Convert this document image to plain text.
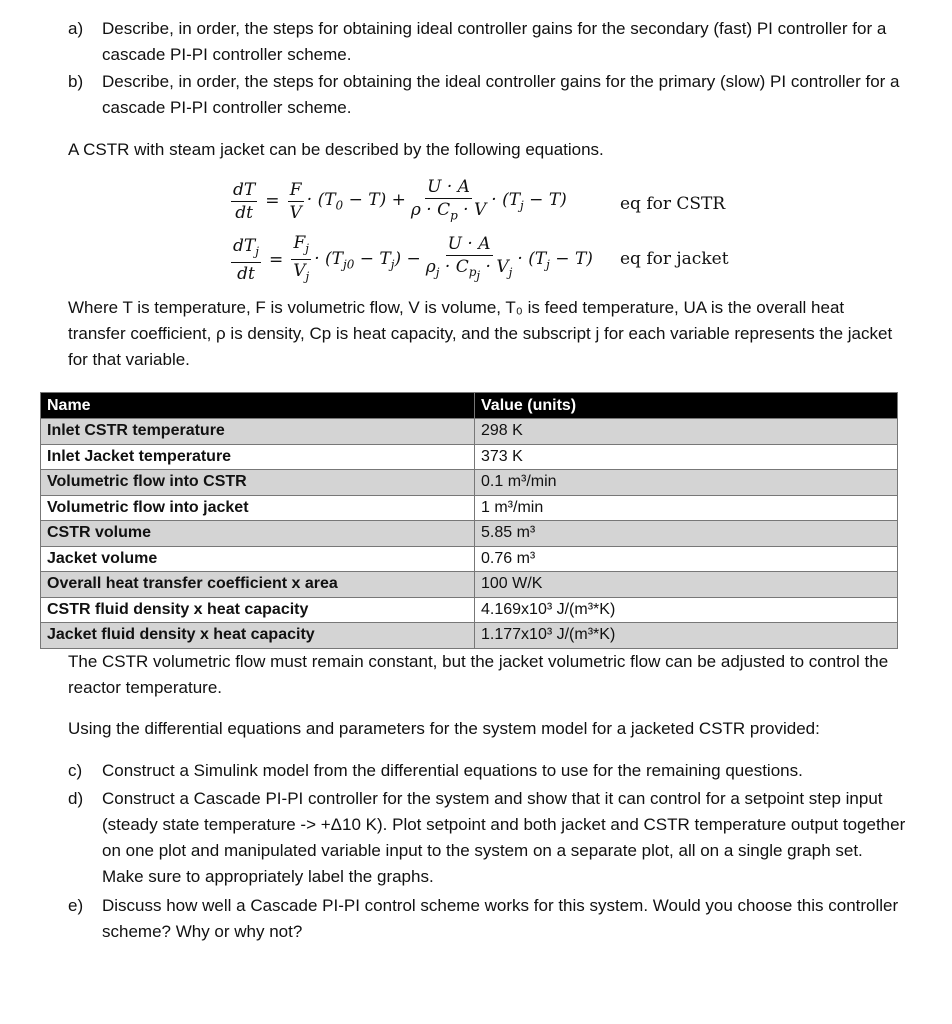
a) Describe, in order, the steps for obtaining ideal controller gains for the secondary (fast) PI controller for a cascade PI-PI controller scheme.
b) Describe, in order, the steps for obtaining the ideal controller gains for the primary (slow) PI controller for a cascade PI-PI controller scheme.
A CSTR with steam jacket can be described by the following equations.
$\frac{dT}{dt} = \frac{F}{V} \cdot (T_0 - T) + \frac{U \cdot A}{\rho \cdot C_p \cdot V} \cdot (T_j - T)$	eq for CSTR
$\frac{dT_j}{dt} = \frac{F_j}{V_j} \cdot (T_{j0} - T_j) - \frac{U \cdot A}{\rho_j \cdot C_{p_j} \cdot V_j} \cdot (T_j - T)$ eq for jacket
Where T is temperature, F is volumetric flow, V is volume, T₀ is feed temperature, UA is the overall heat transfer coefficient, ρ is density, Cp is heat capacity, and the subscript j for each variable represents the jacket for that variable.
Name	Value (units)
Inlet CSTR temperature	298 K
Inlet Jacket temperature	373 K
Volumetric flow into CSTR	0.1 m³/min
Volumetric flow into jacket	1 m³/min
CSTR volume	5.85 m³
Jacket volume	0.76 m³
Overall heat transfer coefficient x area	100 W/K
CSTR fluid density x heat capacity	4.169x10³ J/(m³*K)
Jacket fluid density x heat capacity	1.177x10³ J/(m³*K)
The CSTR volumetric flow must remain constant, but the jacket volumetric flow can be adjusted to control the reactor temperature.
Using the differential equations and parameters for the system model for a jacketed CSTR provided:
c) Construct a Simulink model from the differential equations to use for the remaining questions.
d) Construct a Cascade PI-PI controller for the system and show that it can control for a setpoint step input (steady state temperature -> +Δ10 K). Plot setpoint and both jacket and CSTR temperature output together on one plot and manipulated variable input to the system on a separate plot, all on a single graph set. Make sure to appropriately label the graphs.
e) Discuss how well a Cascade PI-PI control scheme works for this system. Would you choose this controller scheme? Why or why not?
